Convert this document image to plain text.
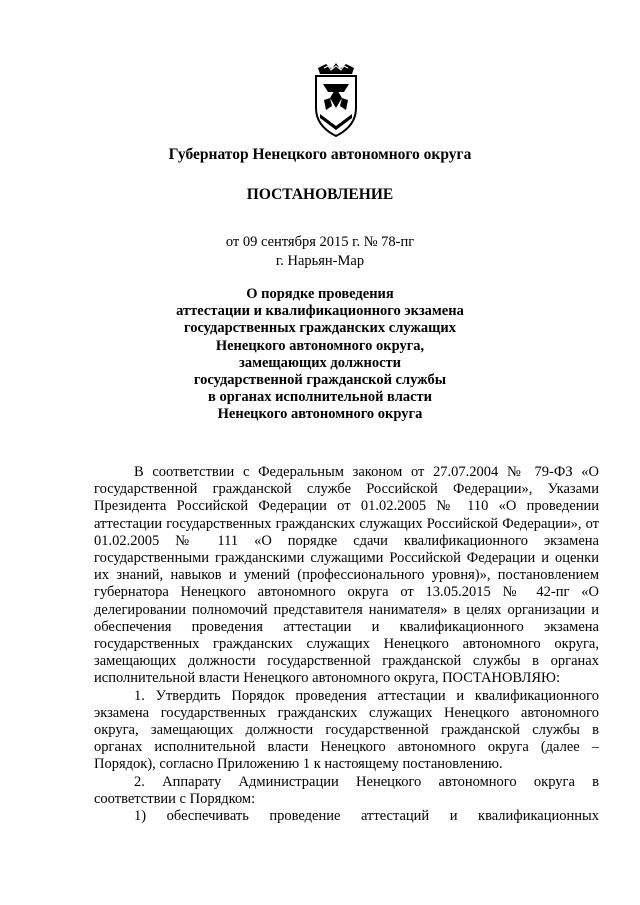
Губернатор Ненецкого автономного округа
ПОСТАНОВЛЕНИЕ
от 09 сентября 2015 г. № 78-пг
г. Нарьян-Мар
О порядке проведения
аттестации и квалификационного экзамена
государственных гражданских служащих
Ненецкого автономного округа,
замещающих должности
государственной гражданской службы
в органах исполнительной власти
Ненецкого автономного округа

В соответствии с Федеральным законом от 27.07.2004 № 79-ФЗ «О государственной гражданской службе Российской Федерации», Указами Президента Российской Федерации от 01.02.2005 № 110 «О проведении аттестации государственных гражданских служащих Российской Федерации», от 01.02.2005 № 111 «О порядке сдачи квалификационного экзамена государственными гражданскими служащими Российской Федерации и оценки их знаний, навыков и умений (профессионального уровня)», постановлением губернатора Ненецкого автономного округа от 13.05.2015 № 42-пг «О делегировании полномочий представителя нанимателя» в целях организации и обеспечения проведения аттестации и квалификационного экзамена государственных гражданских служащих Ненецкого автономного округа, замещающих должности государственной гражданской службы в органах исполнительной власти Ненецкого автономного округа, ПОСТАНОВЛЯЮ:

1. Утвердить Порядок проведения аттестации и квалификационного экзамена государственных гражданских служащих Ненецкого автономного округа, замещающих должности государственной гражданской службы в органах исполнительной власти Ненецкого автономного округа (далее – Порядок), согласно Приложению 1 к настоящему постановлению.

2. Аппарату Администрации Ненецкого автономного округа в соответствии с Порядком:

1) обеспечивать проведение аттестаций и квалификационных
